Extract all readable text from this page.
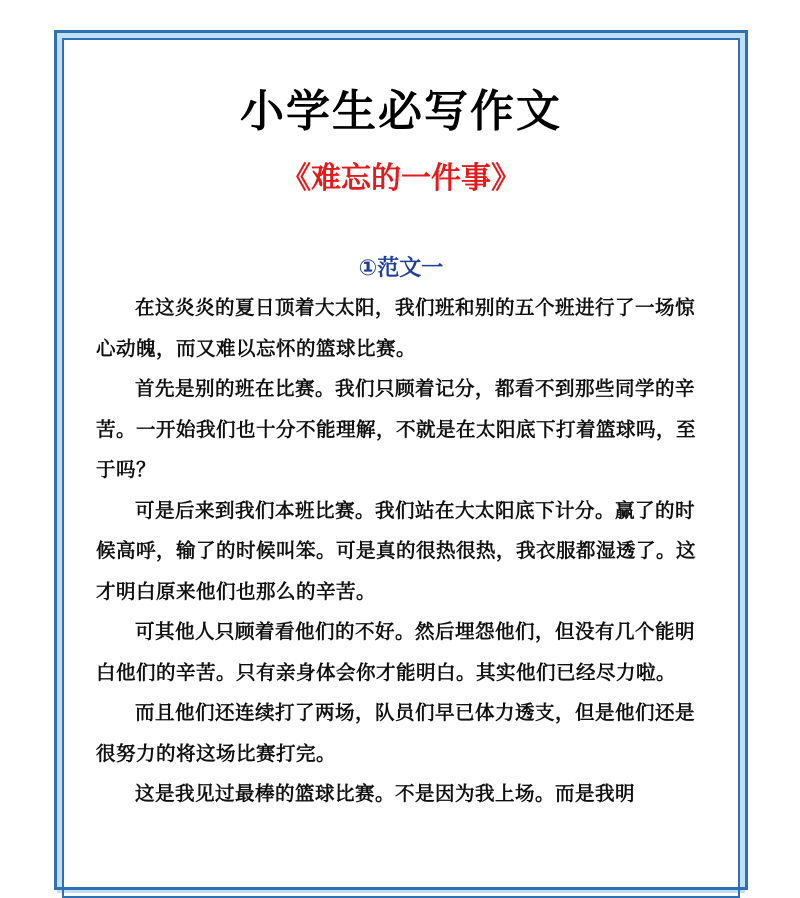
小学生必写作文
《难忘的一件事》
①范文一

在这炎炎的夏日顶着大太阳，我们班和别的五个班进行了一场惊心动魄，而又难以忘怀的篮球比赛。

首先是别的班在比赛。我们只顾着记分，都看不到那些同学的辛苦。一开始我们也十分不能理解，不就是在太阳底下打着篮球吗，至于吗？

可是后来到我们本班比赛。我们站在大太阳底下计分。赢了的时候高呼，输了的时候叫笨。可是真的很热很热，我衣服都湿透了。这才明白原来他们也那么的辛苦。

可其他人只顾着看他们的不好。然后埋怨他们，但没有几个能明白他们的辛苦。只有亲身体会你才能明白。其实他们已经尽力啦。

而且他们还连续打了两场，队员们早已体力透支，但是他们还是很努力的将这场比赛打完。

这是我见过最棒的篮球比赛。不是因为我上场。而是我明
